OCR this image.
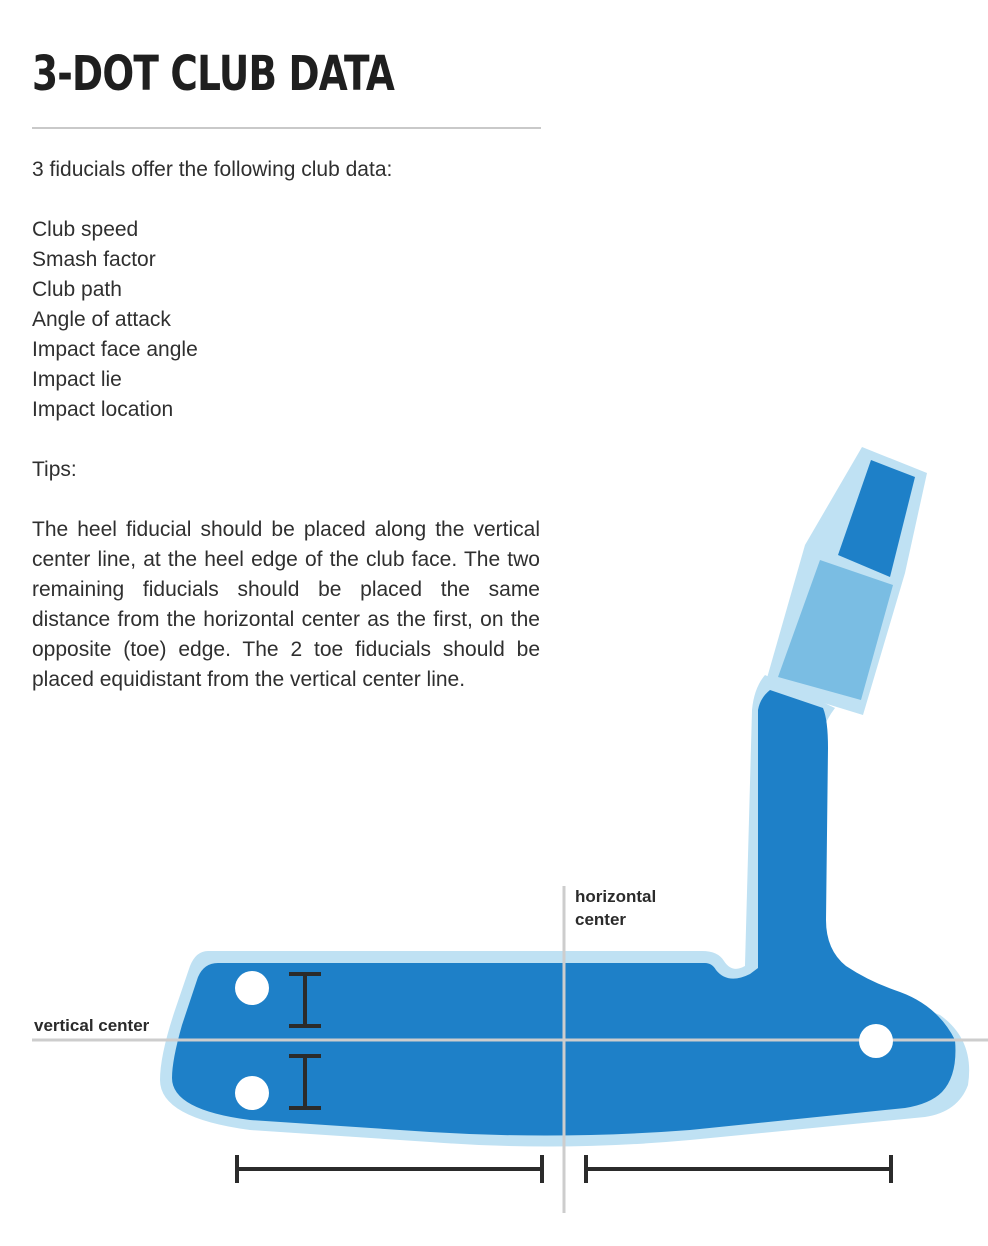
3-DOT CLUB DATA
3 fiducials offer the following club data:
Club speed
Smash factor
Club path
Angle of attack
Impact face angle
Impact lie
Impact location
Tips:
The heel fiducial should be placed along the vertical center line, at the heel edge of the club face. The two remaining fiducials should be placed the same distance from the horizontal center as the first, on the opposite (toe) edge. The 2 toe fiducials should be placed equidistant from the vertical center line.
horizontal center
vertical center
